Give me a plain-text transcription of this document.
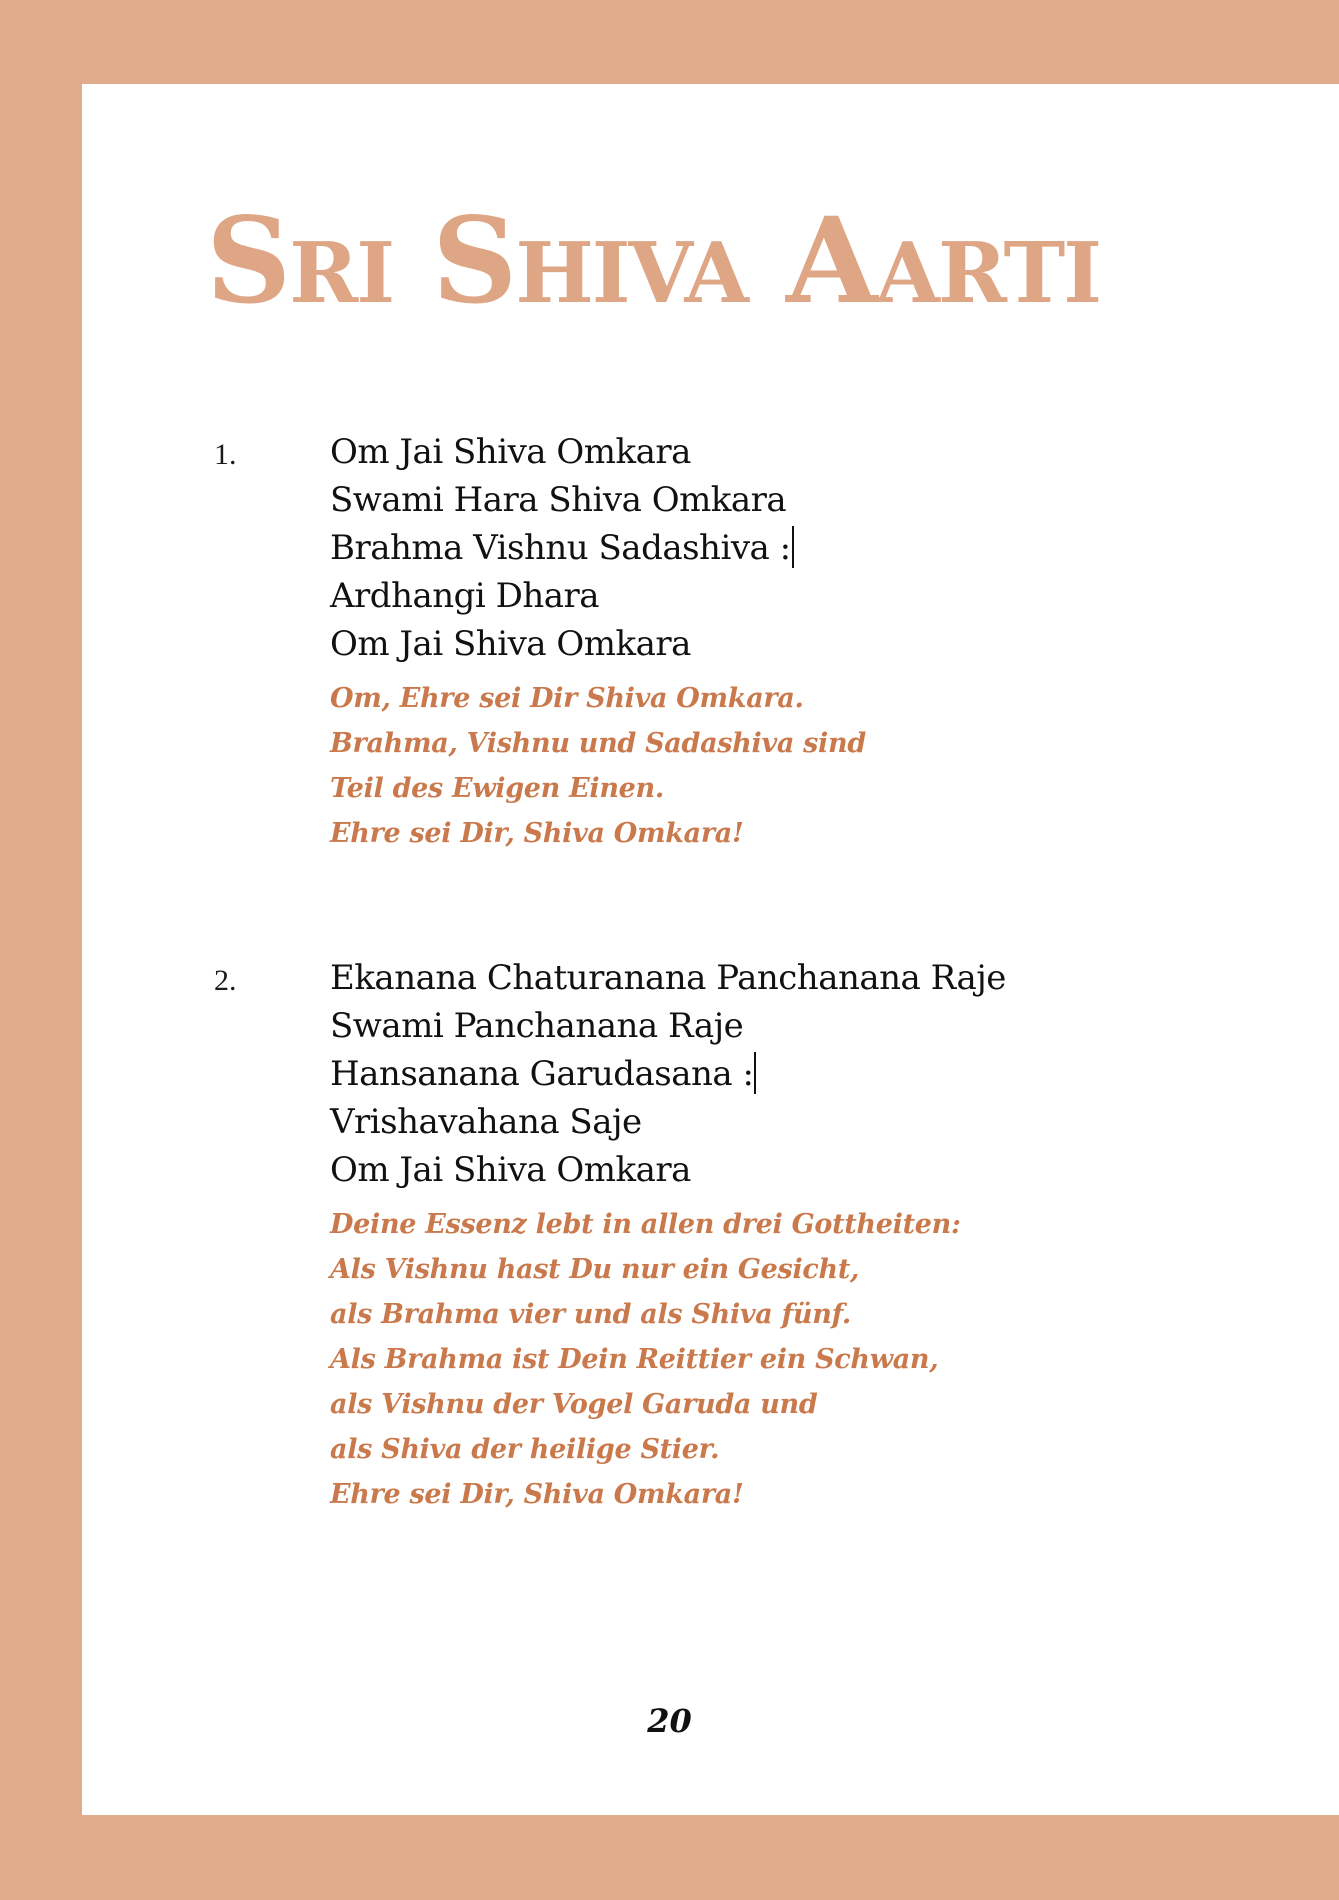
Sri Shiva Aarti
1.	Om Jai Shiva Omkara
Swami Hara Shiva Omkara
Brahma Vishnu Sadashiva :
Ardhangi Dhara
Om Jai Shiva Omkara
Om, Ehre sei Dir Shiva Omkara.
Brahma, Vishnu und Sadashiva sind
Teil des Ewigen Einen.
Ehre sei Dir, Shiva Omkara!
2.	Ekanana Chaturanana Panchanana Raje
Swami Panchanana Raje
Hansanana Garudasana :
Vrishavahana Saje
Om Jai Shiva Omkara
Deine Essenz lebt in allen drei Gottheiten:
Als Vishnu hast Du nur ein Gesicht,
als Brahma vier und als Shiva fünf.
Als Brahma ist Dein Reittier ein Schwan,
als Vishnu der Vogel Garuda und
als Shiva der heilige Stier.
Ehre sei Dir, Shiva Omkara!
20
